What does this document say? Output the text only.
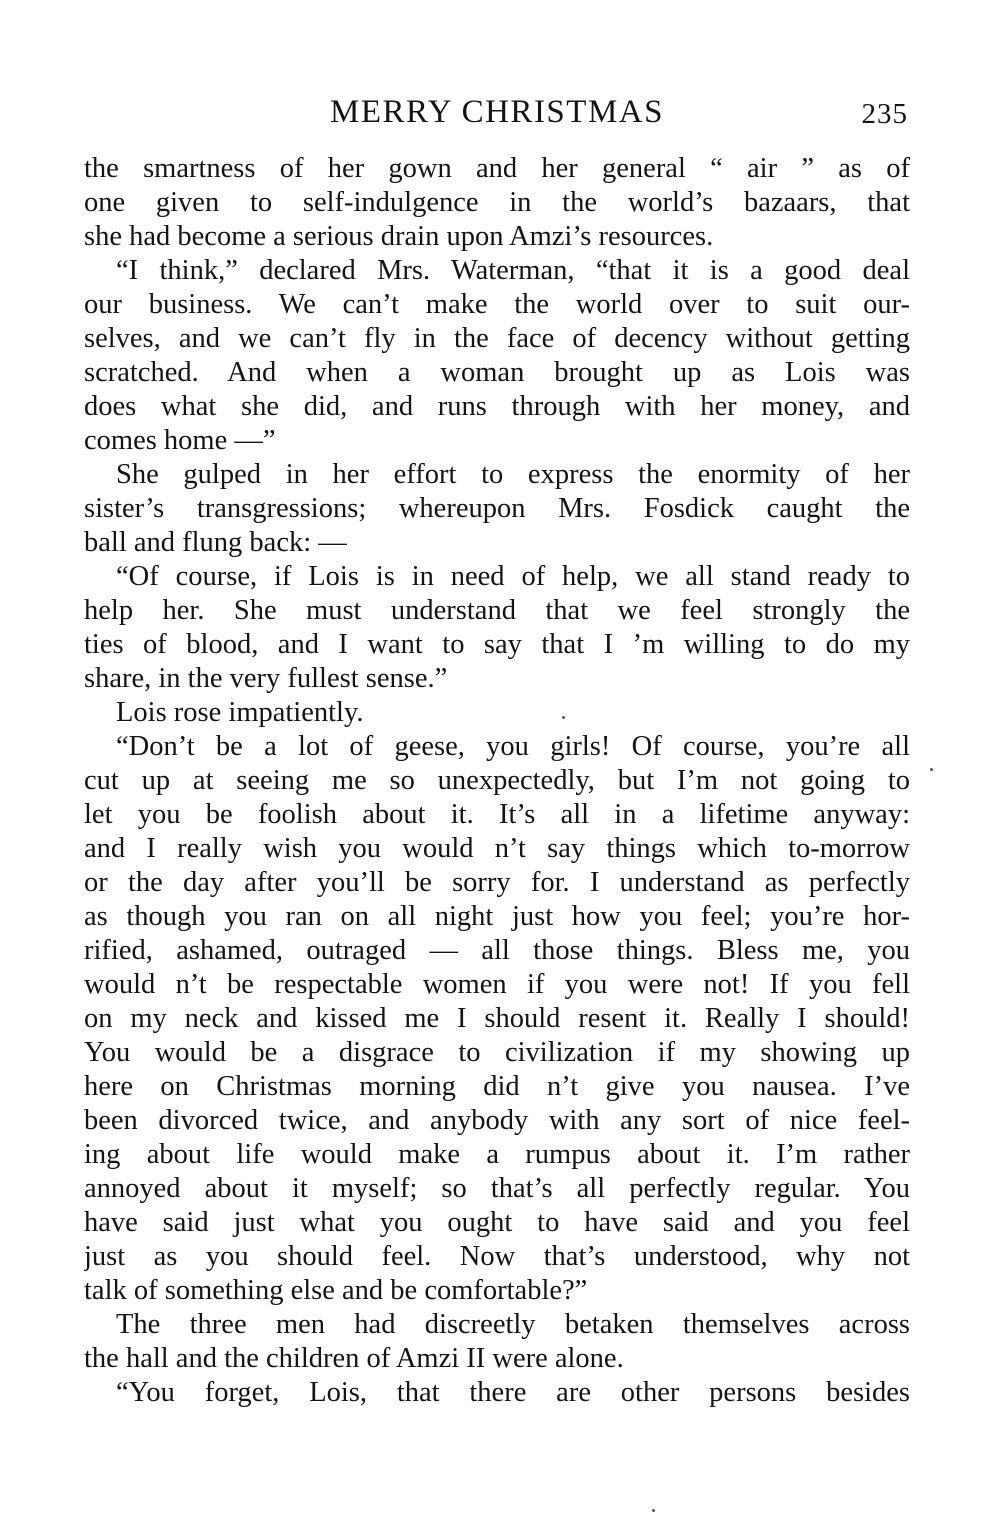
MERRY CHRISTMAS	235
the smartness of her gown and her general “ air ” as of
one given to self-indulgence in the world’s bazaars, that
she had become a serious drain upon Amzi’s resources.
“I think,” declared Mrs. Waterman, “that it is a good deal
our business. We can’t make the world over to suit our-
selves, and we can’t fly in the face of decency without getting
scratched. And when a woman brought up as Lois was
does what she did, and runs through with her money, and
comes home —”
She gulped in her effort to express the enormity of her
sister’s transgressions; whereupon Mrs. Fosdick caught the
ball and flung back: —
“Of course, if Lois is in need of help, we all stand ready to
help her. She must understand that we feel strongly the
ties of blood, and I want to say that I ’m willing to do my
share, in the very fullest sense.”
Lois rose impatiently.
“Don’t be a lot of geese, you girls! Of course, you’re all
cut up at seeing me so unexpectedly, but I’m not going to
let you be foolish about it. It’s all in a lifetime anyway:
and I really wish you would n’t say things which to-morrow
or the day after you’ll be sorry for. I understand as perfectly
as though you ran on all night just how you feel; you’re hor-
rified, ashamed, outraged — all those things. Bless me, you
would n’t be respectable women if you were not! If you fell
on my neck and kissed me I should resent it. Really I should!
You would be a disgrace to civilization if my showing up
here on Christmas morning did n’t give you nausea. I’ve
been divorced twice, and anybody with any sort of nice feel-
ing about life would make a rumpus about it. I’m rather
annoyed about it myself; so that’s all perfectly regular. You
have said just what you ought to have said and you feel
just as you should feel. Now that’s understood, why not
talk of something else and be comfortable?”
The three men had discreetly betaken themselves across
the hall and the children of Amzi II were alone.
“You forget, Lois, that there are other persons besides
